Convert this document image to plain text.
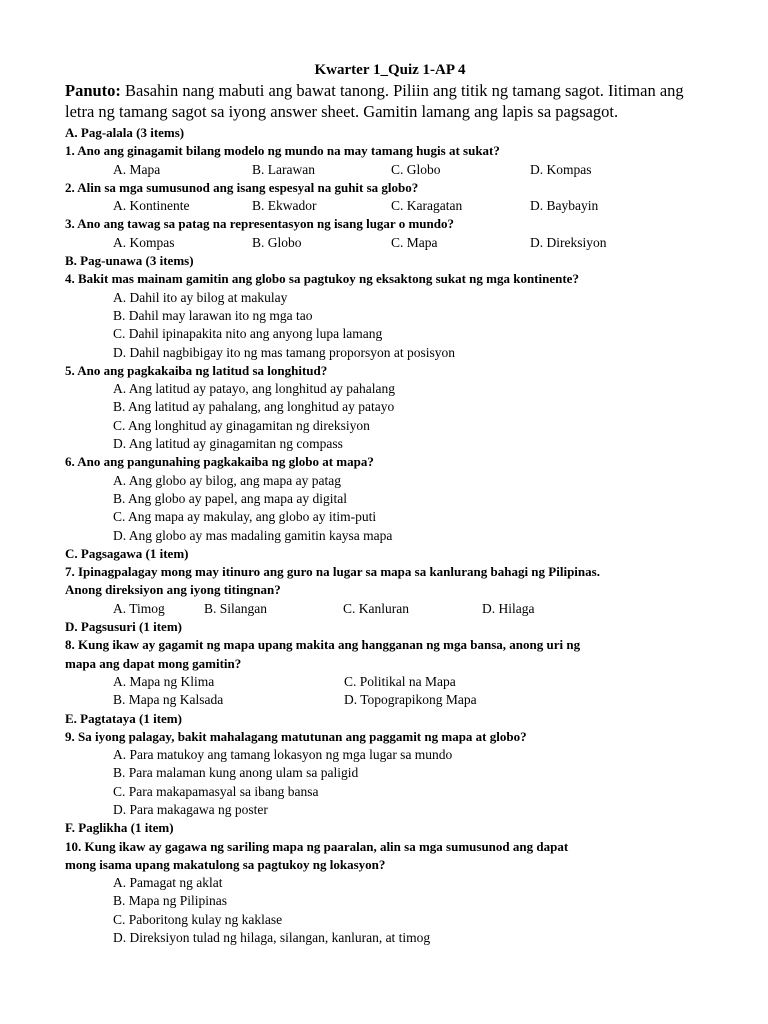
Kwarter 1_Quiz 1-AP 4
Panuto: Basahin nang mabuti ang bawat tanong. Piliin ang titik ng tamang sagot. Iitiman ang letra ng tamang sagot sa iyong answer sheet. Gamitin lamang ang lapis sa pagsagot.
A. Pag-alala (3 items)
1. Ano ang ginagamit bilang modelo ng mundo na may tamang hugis at sukat?
A. Mapa	B. Larawan	C. Globo	D. Kompas
2. Alin sa mga sumusunod ang isang espesyal na guhit sa globo?
A. Kontinente	B. Ekwador	C. Karagatan	D. Baybayin
3. Ano ang tawag sa patag na representasyon ng isang lugar o mundo?
A. Kompas	B. Globo	C. Mapa	D. Direksiyon
B. Pag-unawa (3 items)
4. Bakit mas mainam gamitin ang globo sa pagtukoy ng eksaktong sukat ng mga kontinente?
A. Dahil ito ay bilog at makulay
B. Dahil may larawan ito ng mga tao
C. Dahil ipinapakita nito ang anyong lupa lamang
D. Dahil nagbibigay ito ng mas tamang proporsyon at posisyon
5. Ano ang pagkakaiba ng latitud sa longhitud?
A. Ang latitud ay patayo, ang longhitud ay pahalang
B. Ang latitud ay pahalang, ang longhitud ay patayo
C. Ang longhitud ay ginagamitan ng direksiyon
D. Ang latitud ay ginagamitan ng compass
6. Ano ang pangunahing pagkakaiba ng globo at mapa?
A. Ang globo ay bilog, ang mapa ay patag
B. Ang globo ay papel, ang mapa ay digital
C. Ang mapa ay makulay, ang globo ay itim-puti
D. Ang globo ay mas madaling gamitin kaysa mapa
C. Pagsagawa (1 item)
7. Ipinagpalagay mong may itinuro ang guro na lugar sa mapa sa kanlurang bahagi ng Pilipinas.
Anong direksiyon ang iyong titingnan?
A. Timog	B. Silangan	C. Kanluran	D. Hilaga
D. Pagsusuri (1 item)
8. Kung ikaw ay gagamit ng mapa upang makita ang hangganan ng mga bansa, anong uri ng
mapa ang dapat mong gamitin?
A. Mapa ng Klima	C. Politikal na Mapa
B. Mapa ng Kalsada	D. Topograpikong Mapa
E. Pagtataya (1 item)
9. Sa iyong palagay, bakit mahalagang matutunan ang paggamit ng mapa at globo?
A. Para matukoy ang tamang lokasyon ng mga lugar sa mundo
B. Para malaman kung anong ulam sa paligid
C. Para makapamasyal sa ibang bansa
D. Para makagawa ng poster
F. Paglikha (1 item)
10. Kung ikaw ay gagawa ng sariling mapa ng paaralan, alin sa mga sumusunod ang dapat
mong isama upang makatulong sa pagtukoy ng lokasyon?
A. Pamagat ng aklat
B. Mapa ng Pilipinas
C. Paboritong kulay ng kaklase
D. Direksiyon tulad ng hilaga, silangan, kanluran, at timog
